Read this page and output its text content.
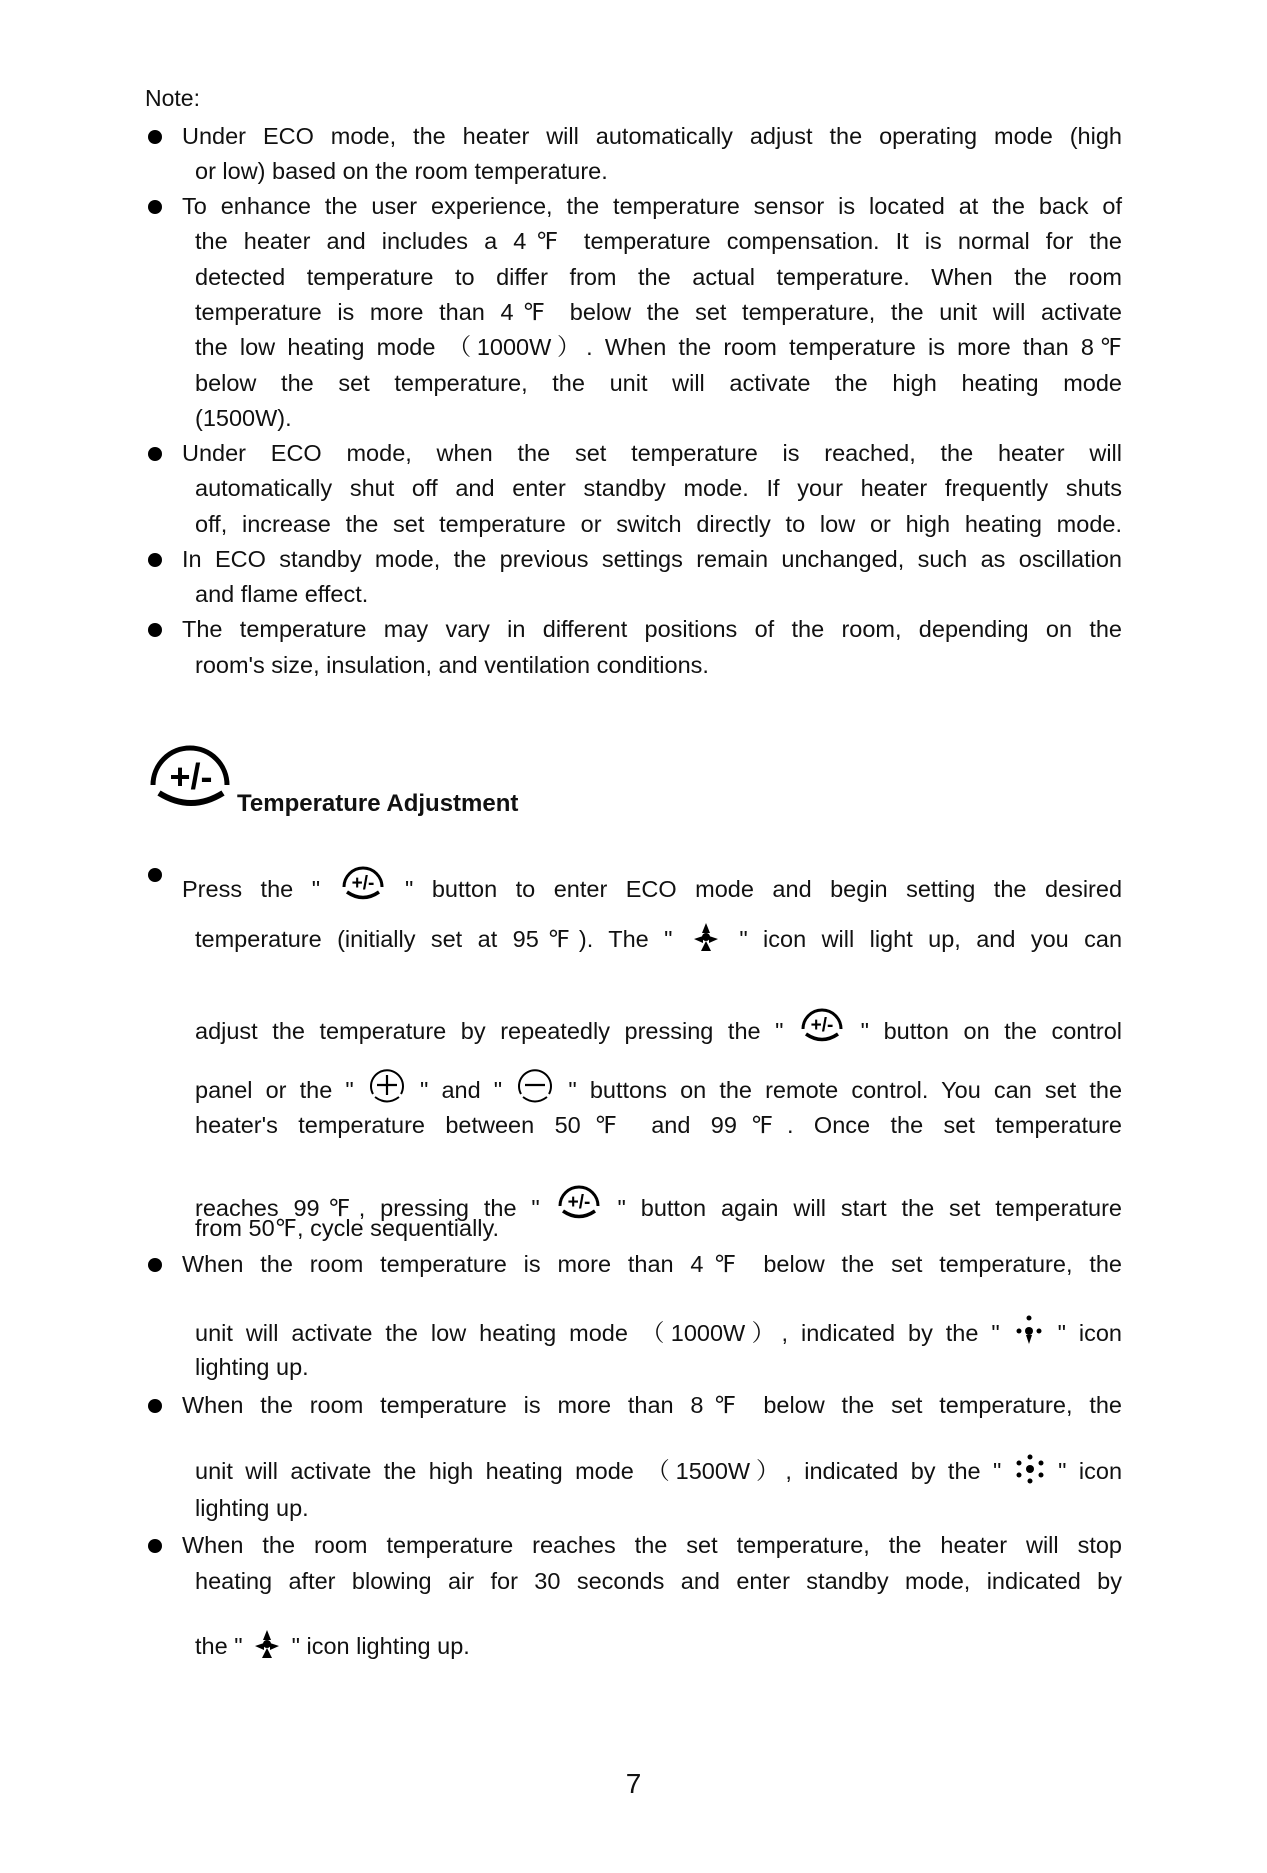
Note:
Under ECO mode, the heater will automatically adjust the operating mode (high
or low) based on the room temperature.
To enhance the user experience, the temperature sensor is located at the back of
the heater and includes a 4℉ temperature compensation. It is normal for the
detected temperature to differ from the actual temperature. When the room
temperature is more than 4℉ below the set temperature, the unit will activate
the low heating mode （1000W）. When the room temperature is more than 8℉
below the set temperature, the unit will activate the high heating mode
(1500W).
Under ECO mode, when the set temperature is reached, the heater will
automatically shut off and enter standby mode. If your heater frequently shuts
off, increase the set temperature or switch directly to low or high heating mode.
In ECO standby mode, the previous settings remain unchanged, such as oscillation
and flame effect.
The temperature may vary in different positions of the room, depending on the
room's size, insulation, and ventilation conditions.
+/-
Temperature Adjustment
Press the " +/- " button to enter ECO mode and begin setting the desired
temperature (initially set at 95℉). The "	" icon will light up, and you can
adjust the temperature by repeatedly pressing the " +/- " button on the control
panel or the "	" and "	" buttons on the remote control. You can set the
heater's temperature between 50℉ and 99℉. Once the set temperature
reaches 99℉, pressing the " +/- " button again will start the set temperature
from 50℉, cycle sequentially.
When the room temperature is more than 4℉ below the set temperature, the
unit will activate the low heating mode （1000W）, indicated by the " " icon
lighting up.
When the room temperature is more than 8℉ below the set temperature, the
unit will activate the high heating mode （1500W）, indicated by the " " icon
lighting up.
When the room temperature reaches the set temperature, the heater will stop
heating after blowing air for 30 seconds and enter standby mode, indicated by
the " " icon lighting up.
7
